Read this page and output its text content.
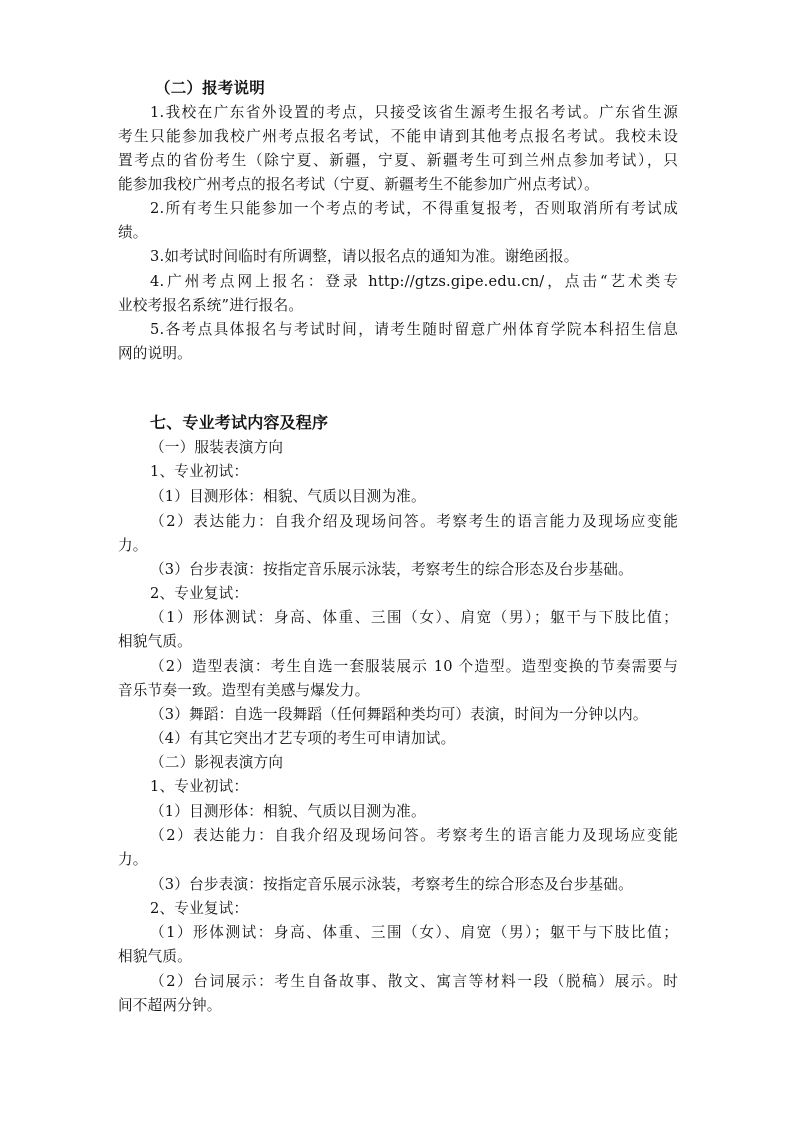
（二）报考说明
1.我校在广东省外设置的考点，只接受该省生源考生报名考试。广东省生源
考生只能参加我校广州考点报名考试，不能申请到其他考点报名考试。我校未设
置考点的省份考生（除宁夏、新疆，宁夏、新疆考生可到兰州点参加考试），只
能参加我校广州考点的报名考试（宁夏、新疆考生不能参加广州点考试）。
2.所有考生只能参加一个考点的考试，不得重复报考，否则取消所有考试成
绩。
3.如考试时间临时有所调整，请以报名点的通知为准。谢绝函报。
4.广州考点网上报名：登录 http://gtzs.gipe.edu.cn/，点击“艺术类专
业校考报名系统”进行报名。
5.各考点具体报名与考试时间，请考生随时留意广州体育学院本科招生信息
网的说明。
七、专业考试内容及程序
（一）服装表演方向
1、专业初试：
（1）目测形体：相貌、气质以目测为准。
（2）表达能力：自我介绍及现场问答。考察考生的语言能力及现场应变能
力。
（3）台步表演：按指定音乐展示泳装，考察考生的综合形态及台步基础。
2、专业复试：
（1）形体测试：身高、体重、三围（女）、肩宽（男）；躯干与下肢比值；
相貌气质。
（2）造型表演：考生自选一套服装展示 10 个造型。造型变换的节奏需要与
音乐节奏一致。造型有美感与爆发力。
（3）舞蹈：自选一段舞蹈（任何舞蹈种类均可）表演，时间为一分钟以内。
（4）有其它突出才艺专项的考生可申请加试。
（二）影视表演方向
1、专业初试：
（1）目测形体：相貌、气质以目测为准。
（2）表达能力：自我介绍及现场问答。考察考生的语言能力及现场应变能
力。
（3）台步表演：按指定音乐展示泳装，考察考生的综合形态及台步基础。
2、专业复试：
（1）形体测试：身高、体重、三围（女）、肩宽（男）；躯干与下肢比值；
相貌气质。
（2）台词展示：考生自备故事、散文、寓言等材料一段（脱稿）展示。时
间不超两分钟。
